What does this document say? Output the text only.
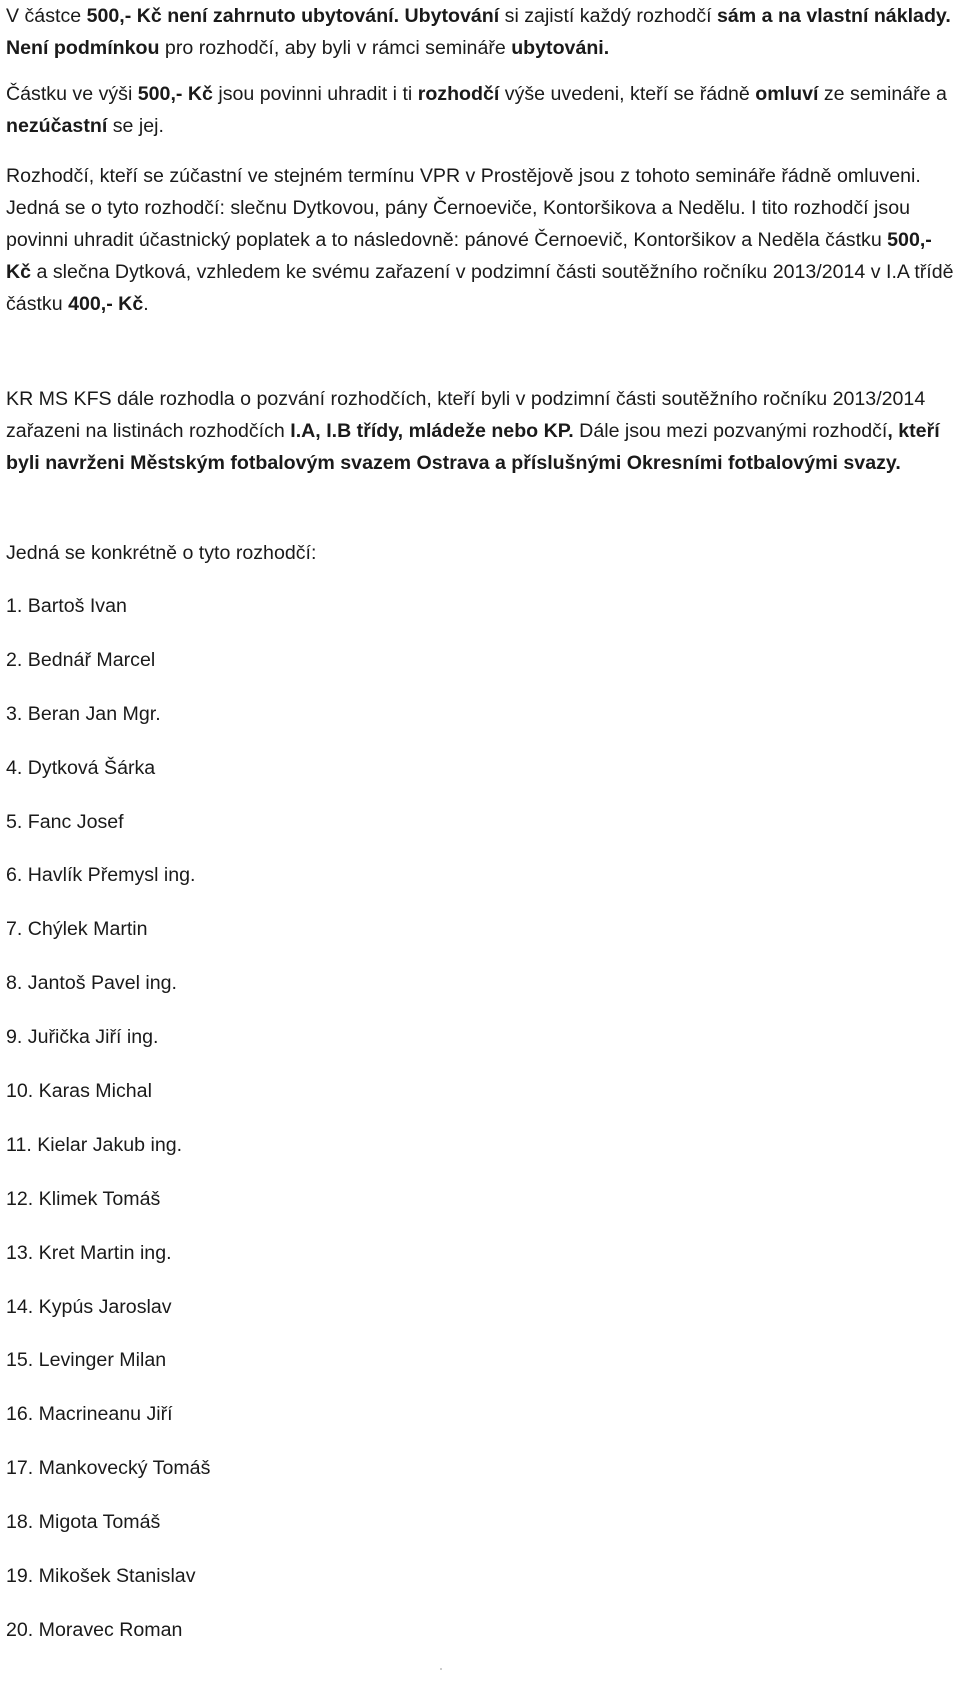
V částce 500,- Kč není zahrnuto ubytování. Ubytování si zajistí každý rozhodčí sám a na vlastní náklady. Není podmínkou pro rozhodčí, aby byli v rámci semináře ubytováni.

Částku ve výši 500,- Kč jsou povinni uhradit i ti rozhodčí výše uvedeni, kteří se řádně omluví ze semináře a nezúčastní se jej.

Rozhodčí, kteří se zúčastní ve stejném termínu VPR v Prostějově jsou z tohoto semináře řádně omluveni. Jedná se o tyto rozhodčí: slečnu Dytkovou, pány Černoeviče, Kontoršikova a Nedělu. I tito rozhodčí jsou povinni uhradit účastnický poplatek a to následovně: pánové Černoevič, Kontoršikov a Neděla částku 500,- Kč a slečna Dytková, vzhledem ke svému zařazení v podzimní části soutěžního ročníku 2013/2014 v I.A třídě částku 400,- Kč.

KR MS KFS dále rozhodla o pozvání rozhodčích, kteří byli v podzimní části soutěžního ročníku 2013/2014 zařazeni na listinách rozhodčích I.A, I.B třídy, mládeže nebo KP. Dále jsou mezi pozvanými rozhodčí, kteří byli navrženi Městským fotbalovým svazem Ostrava a příslušnými Okresními fotbalovými svazy.

Jedná se konkrétně o tyto rozhodčí:

1. Bartoš Ivan
2. Bednář Marcel
3. Beran Jan Mgr.
4. Dytková Šárka
5. Fanc Josef
6. Havlík Přemysl ing.
7. Chýlek Martin
8. Jantoš Pavel ing.
9. Juřička Jiří ing.
10. Karas Michal
11. Kielar Jakub ing.
12. Klimek Tomáš
13. Kret Martin ing.
14. Kypús Jaroslav
15. Levinger Milan
16. Macrineanu Jiří
17. Mankovecký Tomáš
18. Migota Tomáš
19. Mikošek Stanislav
20. Moravec Roman
